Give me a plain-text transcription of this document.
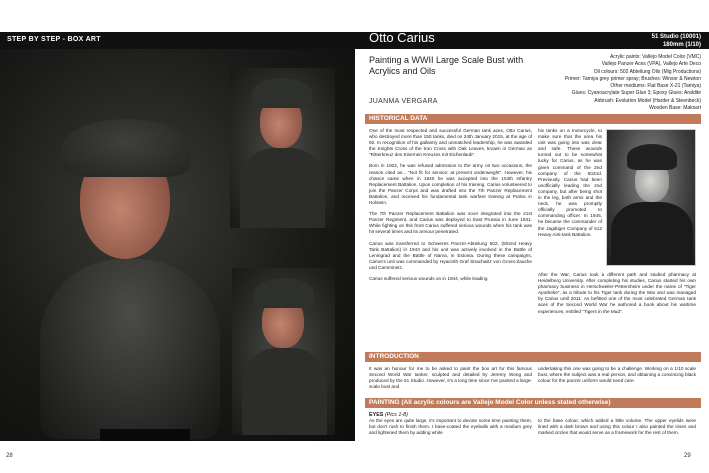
STEP BY STEP - BOX ART
28
Otto Carius	51 Studio (10001)
180mm (1/10)
Painting a WWII Large Scale Bust with Acrylics and Oils
JUANMA VERGARA
Acrylic paints: Vallejo Model Color (VMC)
Vallejo Panzer Aces (VPA), Vallejo Arte Deco
Oil colours: 502 Abteilung Oils (Mig Productions)
Primer: Tamiya grey primer spray; Brushes: Winsor & Newton
Other mediums: Flat Base X-21 (Tamiya)
Glues: Cyanoacrylate Super Glue 3; Epoxy Glues: Araldite
Airbrush: Evolution Model (Harder & Steenbeck)
Wooden Base: Maksart
HISTORICAL DATA

One of the most respected and successful German tank aces, Otto Carius, who destroyed more than 150 tanks, died on 24th January 2015, at the age of 92. In recognition of his gallantry and unmatched leadership, he was awarded the Knights Cross of the Iron Cross with Oak Leaves, known in German as "Ritterkreuz des Eisernen Kreuzes mit Eichenlaub".

Born in 1922, he was refused admission to the army on two occasions, the reason cited as... "Not fit for service: at present underweight". However, his chance came when in 1940 he was accepted into the 104th Infantry Replacement Battalion. Upon completion of his training, Carius volunteered to join the Panzer Corps and was drafted into the 7th Panzer Replacement Battalion, and received his fundamental tank warfare training at Putlos in Holstein.

The 7th Panzer Replacement Battalion was soon integrated into the 21st Panzer Regiment, and Carius was deployed to East Prussia in June 1941. While fighting on this front Carius suffered serious wounds when his tank was hit several times and its armour penetrated.

Carius was transferred to Schweres Panzer-Abteilung 502, (502nd Heavy Tank Battalion) in 1943 and his unit was actively involved in the Battle of Leningrad and the Battle of Narva, in Estonia. During these campaigns, Carius's unit was commanded by Hyacinth Graf Strachwitz von Gross-Zauche und Camminetz.

Carius suffered serious wounds on in 1944, while leading

his tanks on a motorcycle, to make sure that the area his unit was going into was clear and safe. These wounds turned out to be somewhat lucky for Carius, as he was given command of the 2nd company of the 502nd. Previously, Carius had been unofficially leading the 2nd company, but after being shot in the leg, both arms and the neck, he was promptly officially promoted to commanding officer. In 1945, he became the commander of the Jagdtiger Company of 512 Heavy Anti-tank Battalion.

After the War, Carius took a different path and studied pharmacy at Heidelberg University. After completing his studies, Carius started his own pharmacy business in Herschweiler-Pettersheim under the name of "Tiger Apotheke", as a tribute to his Tiger tank during the War and was managed by Carius until 2011. As befitted one of the most celebrated German tank aces of the Second World War he authored a book about his wartime experiences, entitled "Tigers in the Mud".

INTRODUCTION

It was an honour for me to be asked to paint the box art for this famous Second World War tanker, sculpted and detailed by Jeremy Wong and produced by the 51 Studio. However, it's a long time since I've painted a large-scale bust and

undertaking this one was going to be a challenge. Working on a 1/10 scale bust, where the subject was a real person, and obtaining a convincing black colour for the panzer uniform would need care.

PAINTING (All acrylic colours are Vallejo Model Color unless stated otherwise)
EYES (Pics 1-8)

As the eyes are quite large, it's important to devote some time painting them, but don't rush to finish them. I base-coated the eyeballs with a medium grey and lightened them by adding white

to the base colour, which added a little volume. The upper eyelids were lined with a dark brown and using this colour I also painted the irises and marked circles that would serve as a framework for the rest of them.

29
